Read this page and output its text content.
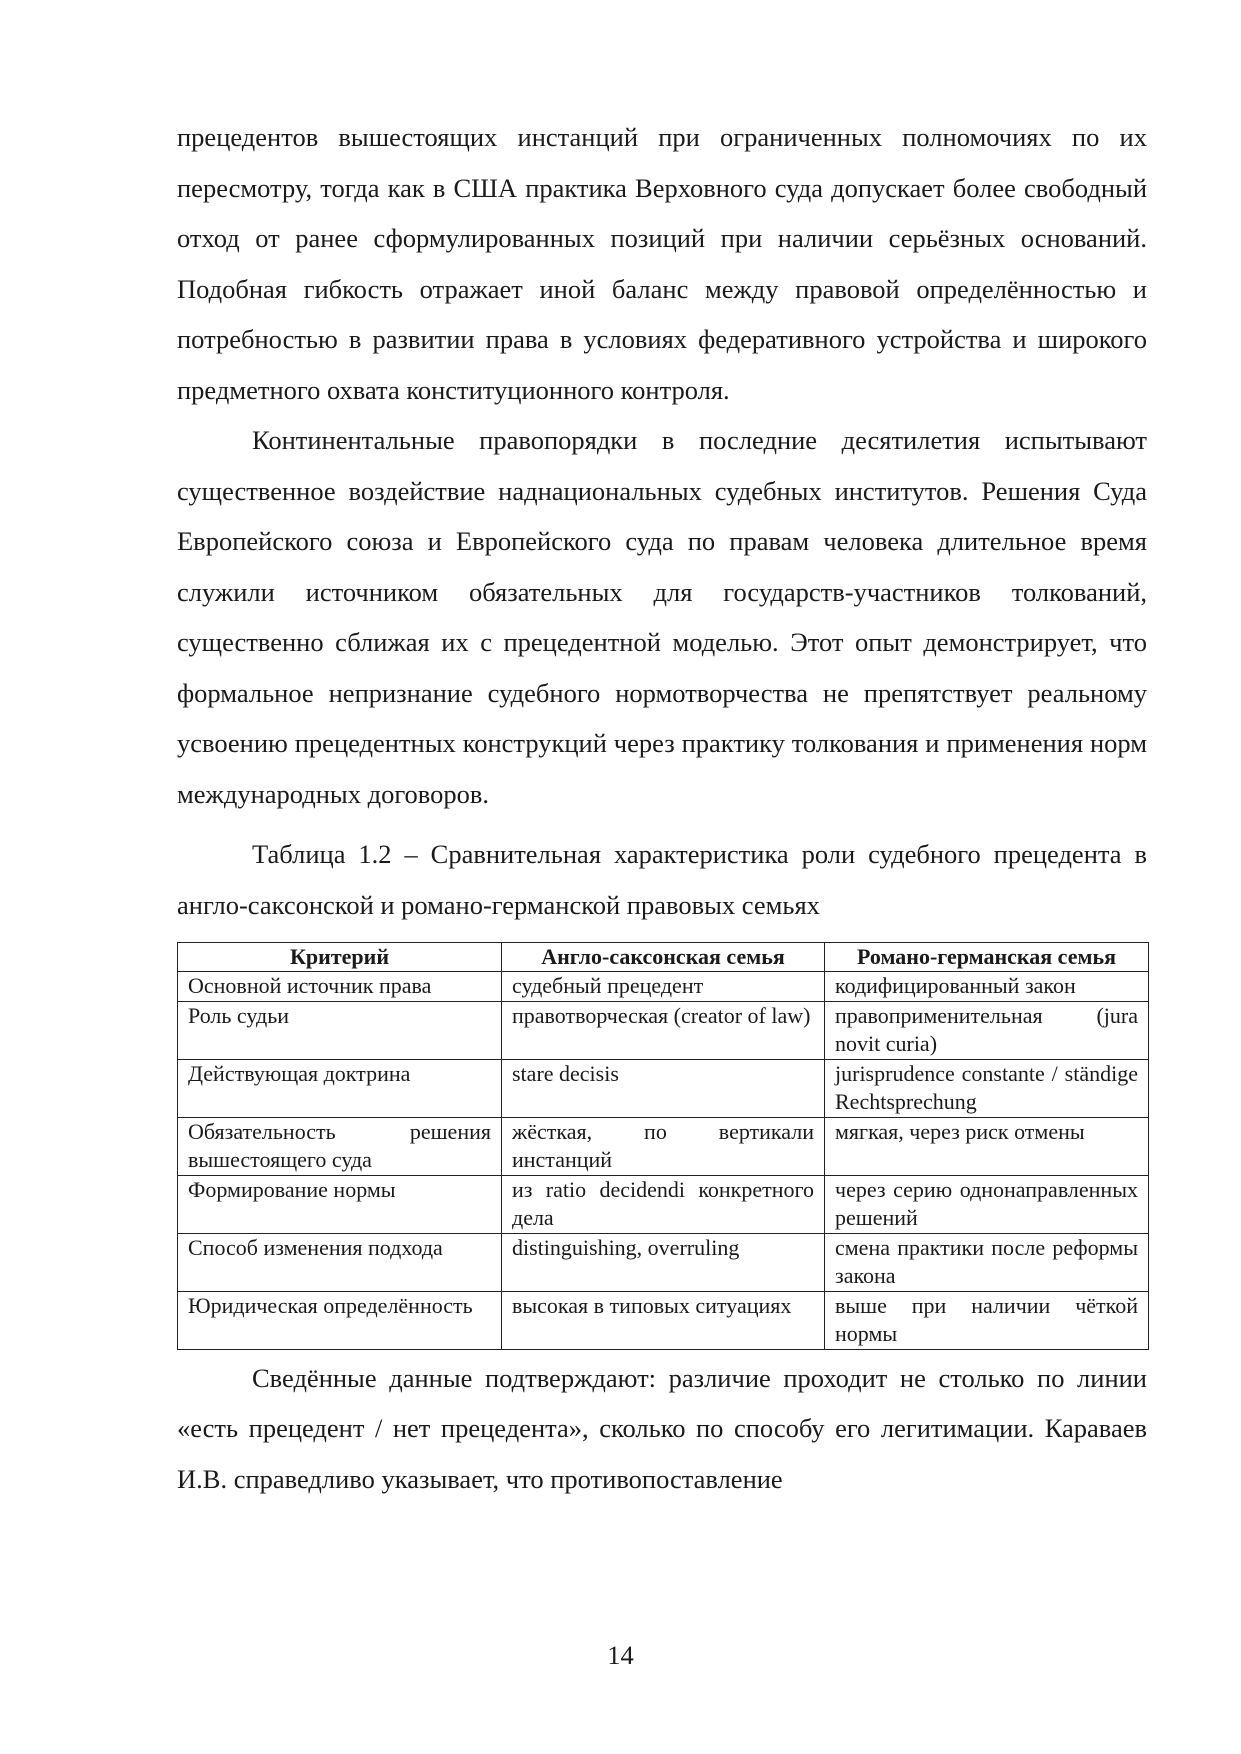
прецедентов вышестоящих инстанций при ограниченных полномочиях по их пересмотру, тогда как в США практика Верховного суда допускает более свободный отход от ранее сформулированных позиций при наличии серьёзных оснований. Подобная гибкость отражает иной баланс между правовой определённостью и потребностью в развитии права в условиях федеративного устройства и широкого предметного охвата конституционного контроля.

Континентальные правопорядки в последние десятилетия испытывают существенное воздействие наднациональных судебных институтов. Решения Суда Европейского союза и Европейского суда по правам человека длительное время служили источником обязательных для государств-участников толкований, существенно сближая их с прецедентной моделью. Этот опыт демонстрирует, что формальное непризнание судебного нормотворчества не препятствует реальному усвоению прецедентных конструкций через практику толкования и применения норм международных договоров.

Таблица 1.2 – Сравнительная характеристика роли судебного прецедента в англо-саксонской и романо-германской правовых семьях

Критерий	Англо-саксонская семья	Романо-германская семья
Основной источник права	судебный прецедент	кодифицированный закон
Роль судьи	правотворческая (creator of law)	правоприменительная (jura novit curia)
Действующая доктрина	stare decisis	jurisprudence constante / ständige Rechtsprechung
Обязательность решения вышестоящего суда	жёсткая, по вертикали инстанций	мягкая, через риск отмены
Формирование нормы	из ratio decidendi конкретного дела	через серию однонаправленных решений
Способ изменения подхода	distinguishing, overruling	смена практики после реформы закона
Юридическая определённость	высокая в типовых ситуациях	выше при наличии чёткой нормы

Сведённые данные подтверждают: различие проходит не столько по линии «есть прецедент / нет прецедента», сколько по способу его легитимации. Караваев И.В. справедливо указывает, что противопоставление

14
